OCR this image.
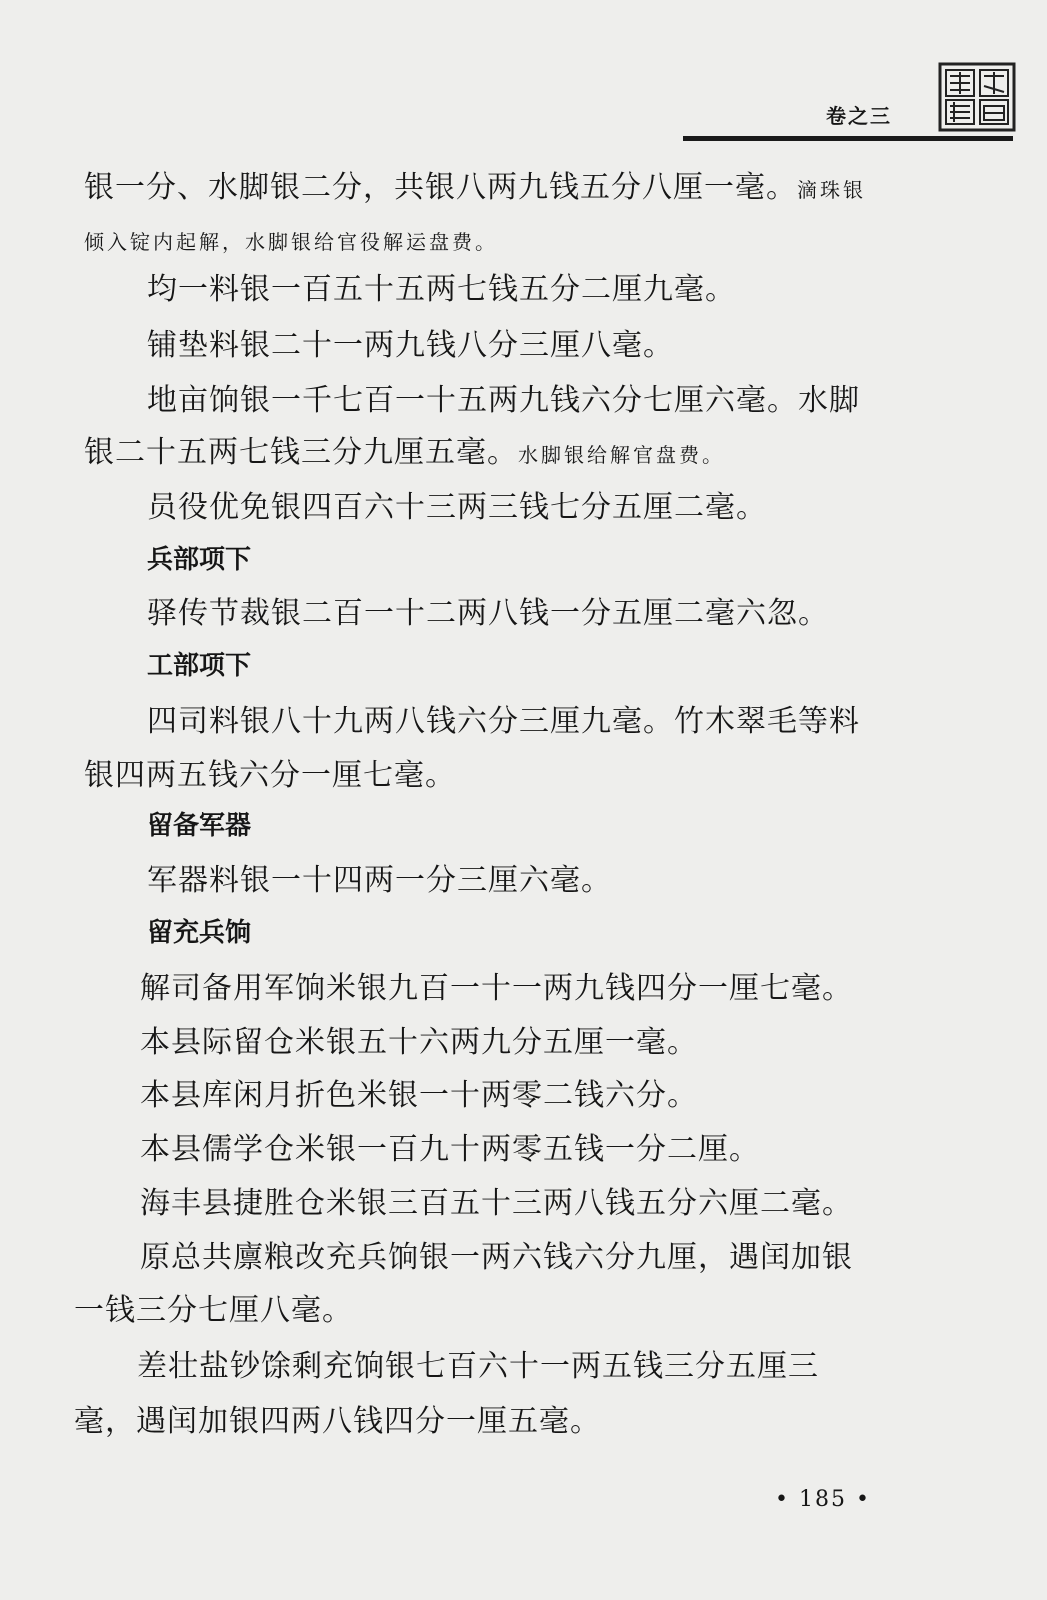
卷之三
银一分、水脚银二分，共银八两九钱五分八厘一毫。滴珠银
倾入锭内起解，水脚银给官役解运盘费。
均一料银一百五十五两七钱五分二厘九毫。
铺垫料银二十一两九钱八分三厘八毫。
地亩饷银一千七百一十五两九钱六分七厘六毫。水脚
银二十五两七钱三分九厘五毫。水脚银给解官盘费。
员役优免银四百六十三两三钱七分五厘二毫。
兵部项下
驿传节裁银二百一十二两八钱一分五厘二毫六忽。
工部项下
四司料银八十九两八钱六分三厘九毫。竹木翠毛等料
银四两五钱六分一厘七毫。
留备军器
军器料银一十四两一分三厘六毫。
留充兵饷
解司备用军饷米银九百一十一两九钱四分一厘七毫。
本县际留仓米银五十六两九分五厘一毫。
本县库闲月折色米银一十两零二钱六分。
本县儒学仓米银一百九十两零五钱一分二厘。
海丰县捷胜仓米银三百五十三两八钱五分六厘二毫。
原总共廪粮改充兵饷银一两六钱六分九厘，遇闰加银
一钱三分七厘八毫。
差壮盐钞馀剩充饷银七百六十一两五钱三分五厘三
毫，遇闰加银四两八钱四分一厘五毫。
• 185 •
